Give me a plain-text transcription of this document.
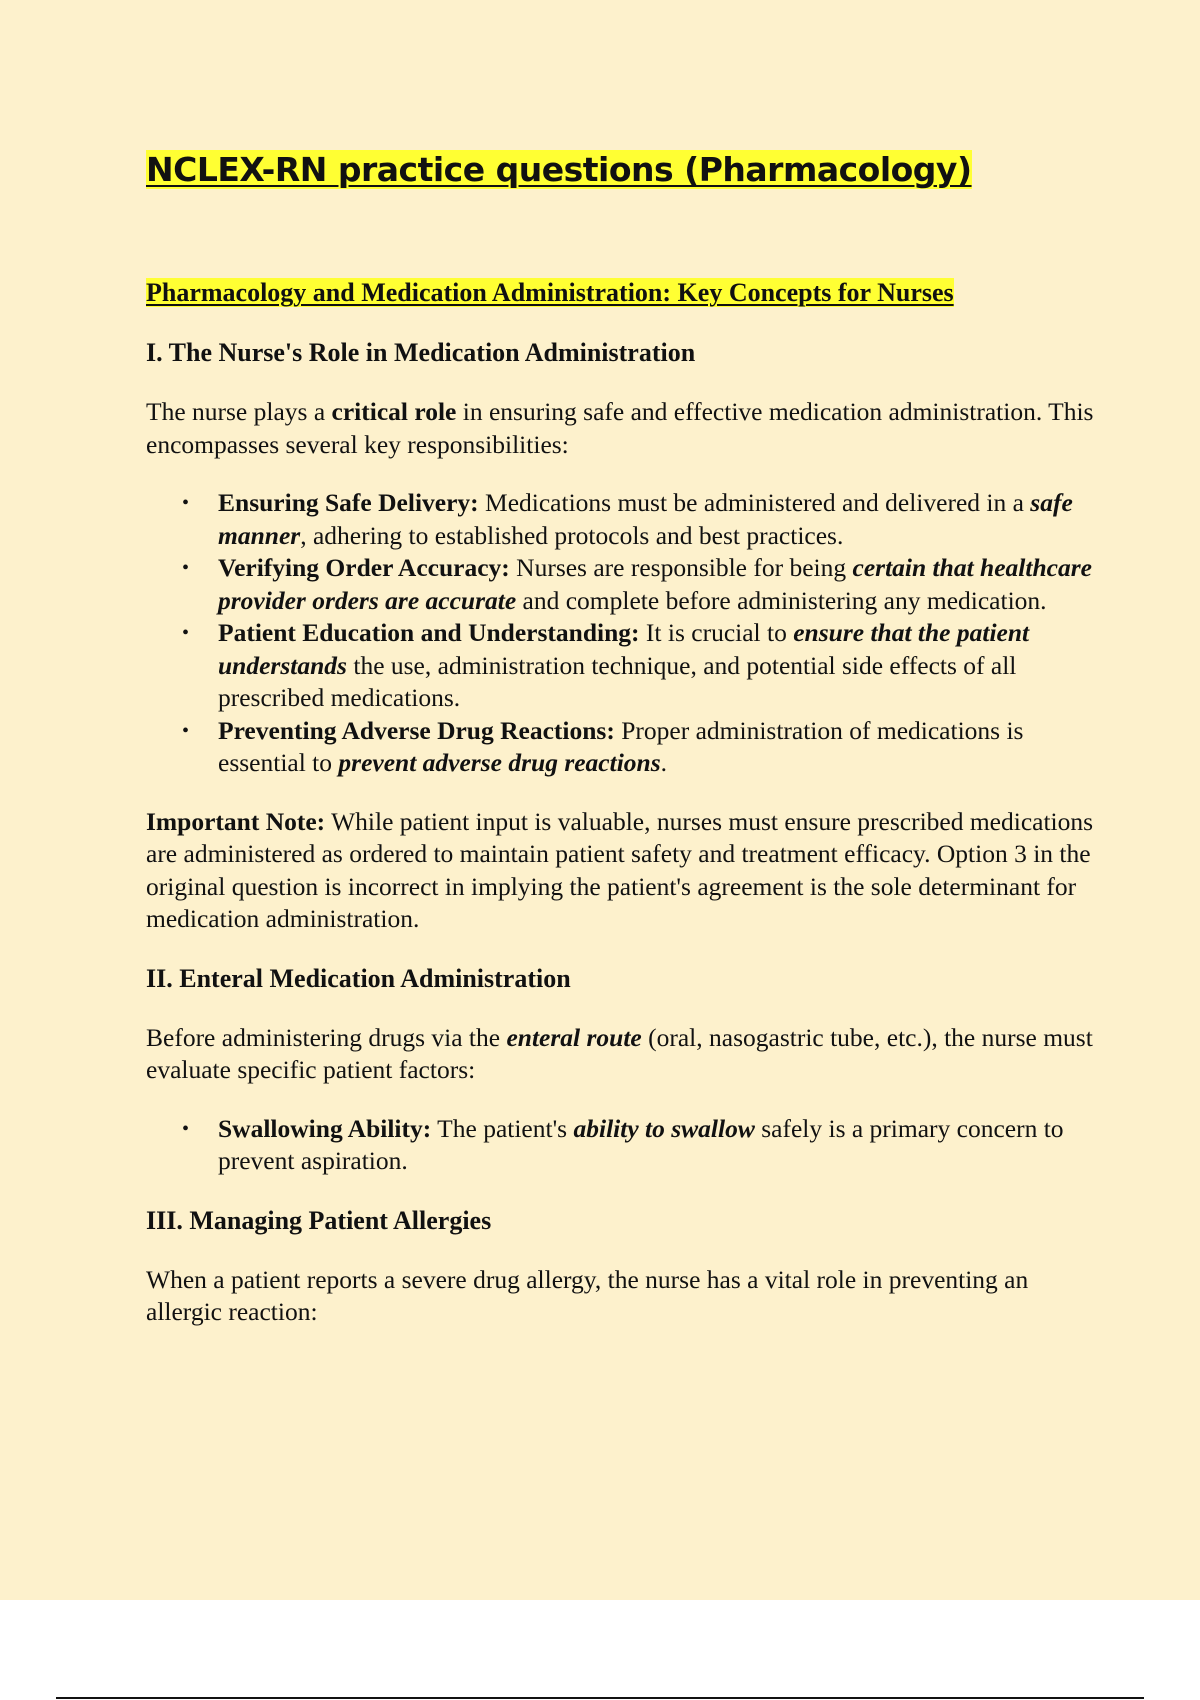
NCLEX-RN practice questions (Pharmacology)
Pharmacology and Medication Administration: Key Concepts for Nurses
I. The Nurse's Role in Medication Administration

The nurse plays a critical role in ensuring safe and effective medication administration. This encompasses several key responsibilities:

• Ensuring Safe Delivery: Medications must be administered and delivered in a safe manner, adhering to established protocols and best practices.
• Verifying Order Accuracy: Nurses are responsible for being certain that healthcare provider orders are accurate and complete before administering any medication.
• Patient Education and Understanding: It is crucial to ensure that the patient understands the use, administration technique, and potential side effects of all prescribed medications.
• Preventing Adverse Drug Reactions: Proper administration of medications is essential to prevent adverse drug reactions.

Important Note: While patient input is valuable, nurses must ensure prescribed medications are administered as ordered to maintain patient safety and treatment efficacy. Option 3 in the original question is incorrect in implying the patient's agreement is the sole determinant for medication administration.

II. Enteral Medication Administration

Before administering drugs via the enteral route (oral, nasogastric tube, etc.), the nurse must evaluate specific patient factors:

• Swallowing Ability: The patient's ability to swallow safely is a primary concern to prevent aspiration.
III. Managing Patient Allergies

When a patient reports a severe drug allergy, the nurse has a vital role in preventing an allergic reaction:
